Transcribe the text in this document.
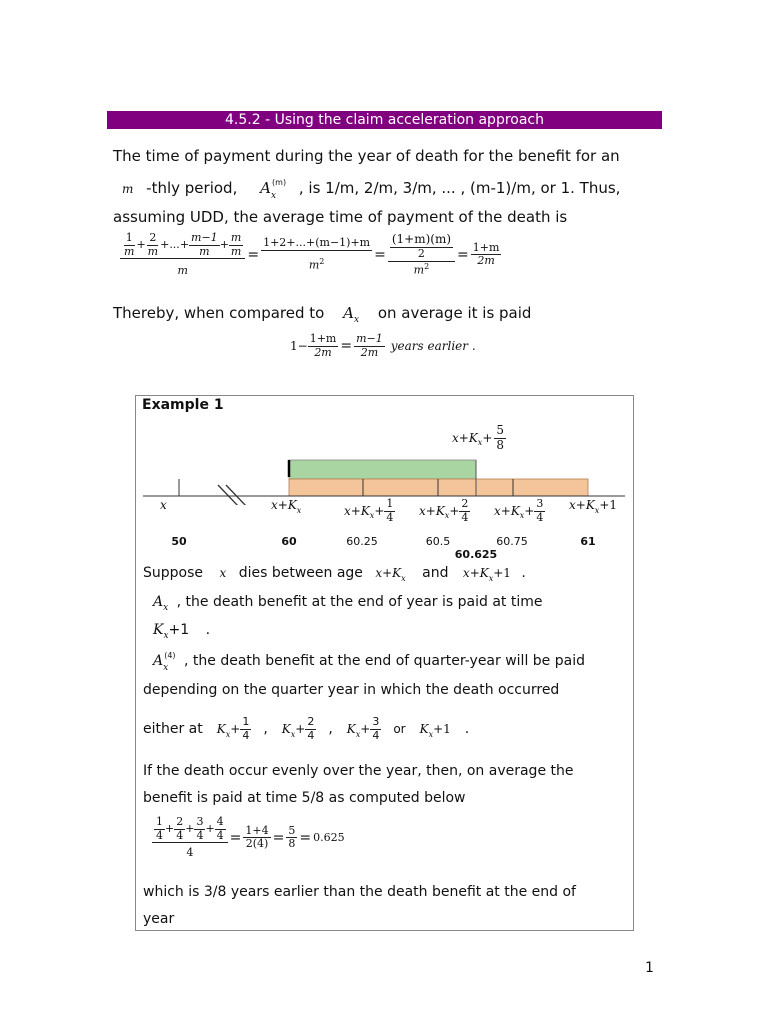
4.5.2 - Using the claim acceleration approach
The time of payment during the year of death for the benefit for an
m -thly period, $A_x^{(m)}$ , is 1/m, 2/m, 3/m, ... , (m-1)/m, or 1. Thus,
assuming UDD, the average time of payment of the death is
$\frac{\frac{1}{m} + \frac{2}{m} + ... + \frac{m-1}{m} + \frac{m}{m}}{m} = \frac{1+2+...+(m-1)+m}{m^2} = \frac{\frac{(1+m)(m)}{2}}{m^2} = \frac{1+m}{2m}$
Thereby, when compared to $A_x$ on average it is paid
$1- \frac{1+m}{2m} = \frac{m-1}{2m}$ years earlier .
Example 1
x+K $x + \frac{5}{8}$
x	$x+K_x$	x+K $x + \frac{1}{4} x+K$ $x + \frac{2}{4} x+K$ $x + \frac{3}{4} x+K_x+1$
50	60	60.25	60.5	60.75	61
60.625
Suppose x dies between age $x+K_x$ and $x+K_x+1$ .
$A_x$ , the death benefit at the end of year is paid at time
$K_x+1$ .
$A_x^{(4)}$ , the death benefit at the end of quarter-year will be paid
depending on the quarter year in which the death occurred
either at $K_x + \frac{1}{4}$ , $K_x + \frac{2}{4}$ , $K_x + \frac{3}{4}$ or $K_x+1$ .
If the death occur evenly over the year, then, on average the
benefit is paid at time 5/8 as computed below
$\frac{\frac{1}{4} + \frac{2}{4} + \frac{3}{4} + \frac{4}{4}}{4} = \frac{1+4}{2(4)} = \frac{5}{8} = 0.625$
which is 3/8 years earlier than the death benefit at the end of
year
1
